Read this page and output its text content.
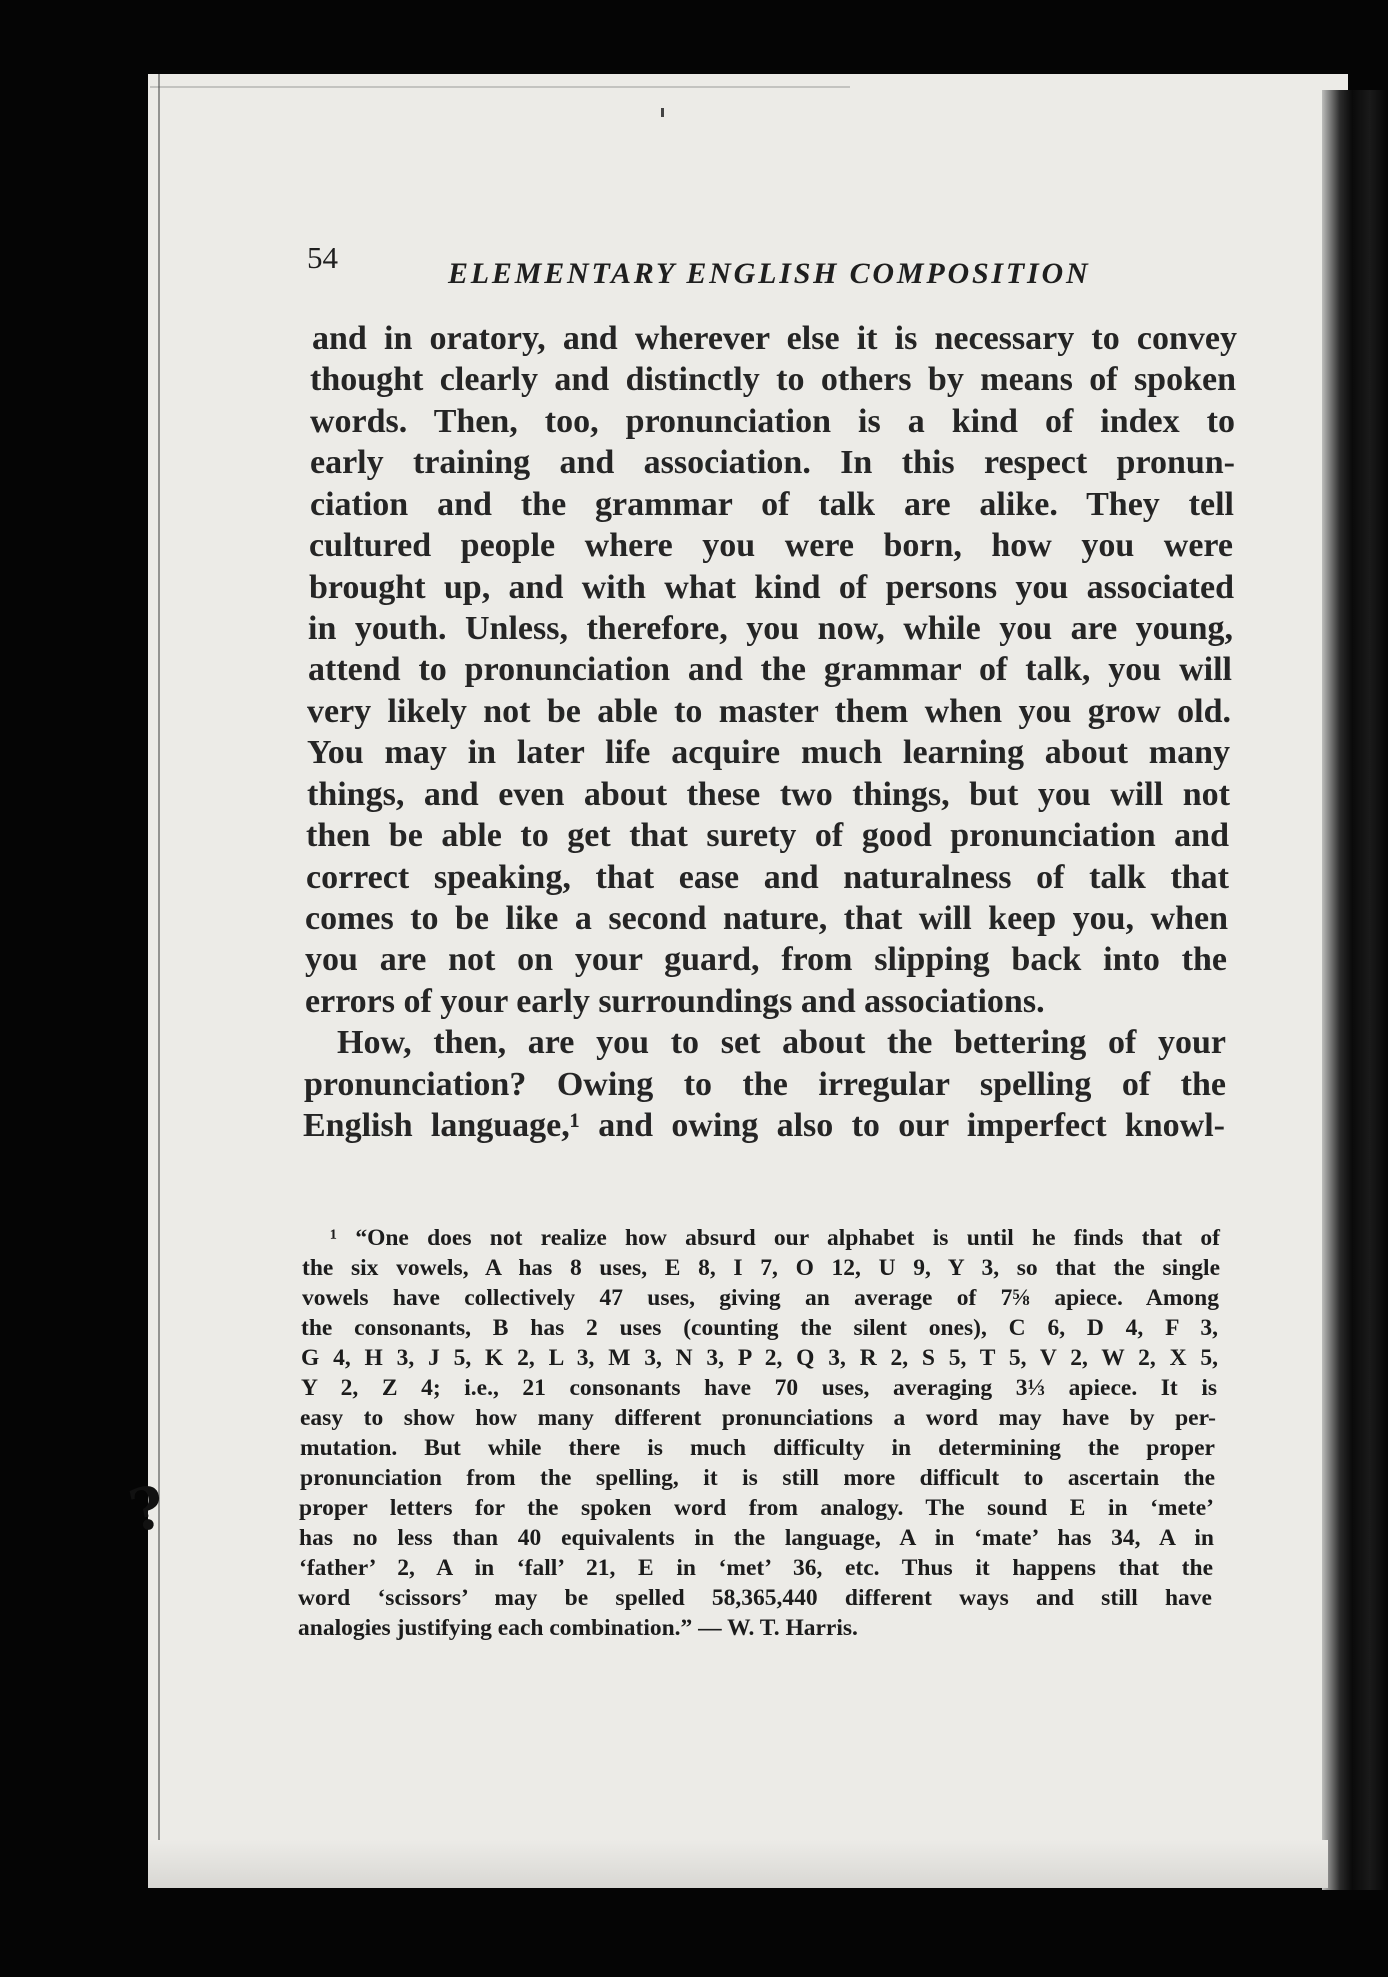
54	ELEMENTARY ENGLISH COMPOSITION
and in oratory, and wherever else it is necessary to convey
thought clearly and distinctly to others by means of spoken
words. Then, too, pronunciation is a kind of index to
early training and association. In this respect pronun-
ciation and the grammar of talk are alike. They tell
cultured people where you were born, how you were
brought up, and with what kind of persons you associated
in youth. Unless, therefore, you now, while you are young,
attend to pronunciation and the grammar of talk, you will
very likely not be able to master them when you grow old.
You may in later life acquire much learning about many
things, and even about these two things, but you will not
then be able to get that surety of good pronunciation and
correct speaking, that ease and naturalness of talk that
comes to be like a second nature, that will keep you, when
you are not on your guard, from slipping back into the
errors of your early surroundings and associations.
How, then, are you to set about the bettering of your
pronunciation? Owing to the irregular spelling of the
English language,¹ and owing also to our imperfect knowl-
¹ “One does not realize how absurd our alphabet is until he finds that of
the six vowels, A has 8 uses, E 8, I 7, O 12, U 9, Y 3, so that the single
vowels have collectively 47 uses, giving an average of 7⅝ apiece. Among
the consonants, B has 2 uses (counting the silent ones), C 6, D 4, F 3,
G 4, H 3, J 5, K 2, L 3, M 3, N 3, P 2, Q 3, R 2, S 5, T 5, V 2, W 2, X 5,
Y 2, Z 4; i.e., 21 consonants have 70 uses, averaging 3⅓ apiece. It is
easy to show how many different pronunciations a word may have by per-
mutation. But while there is much difficulty in determining the proper
pronunciation from the spelling, it is still more difficult to ascertain the
proper letters for the spoken word from analogy. The sound E in ‘mete’
has no less than 40 equivalents in the language, A in ‘mate’ has 34, A in
‘father’ 2, A in ‘fall’ 21, E in ‘met’ 36, etc. Thus it happens that the
word ‘scissors’ may be spelled 58,365,440 different ways and still have
analogies justifying each combination.” — W. T. Harris.
?
